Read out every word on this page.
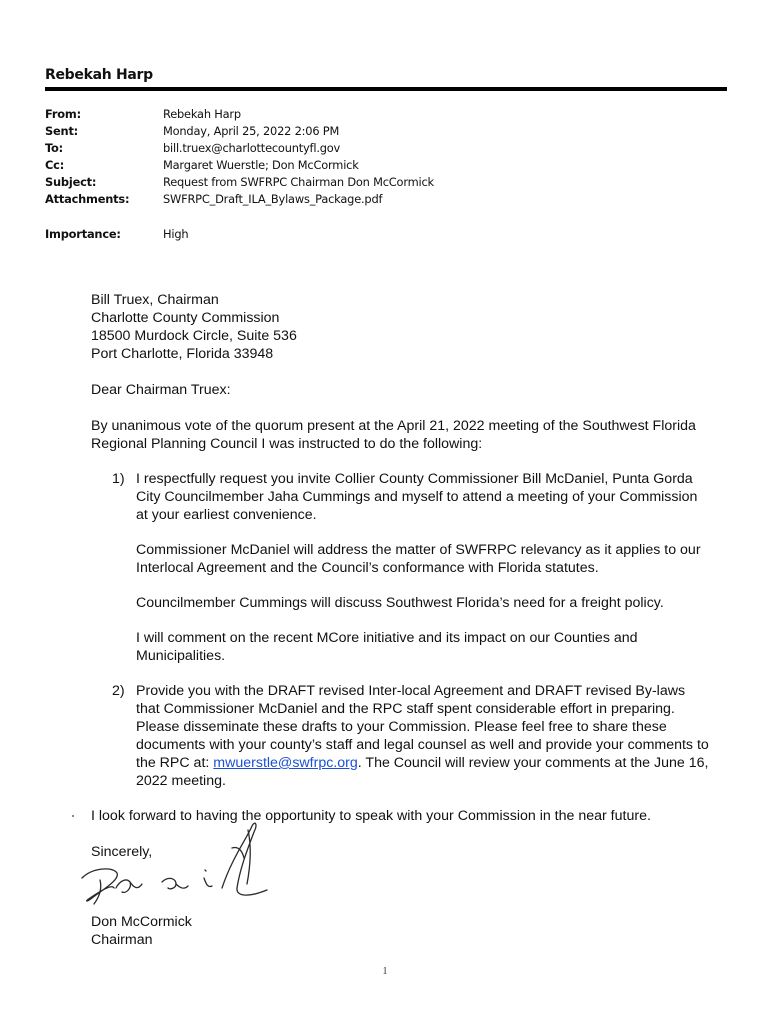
Rebekah Harp

From:	Rebekah Harp
Sent:	Monday, April 25, 2022 2:06 PM
To:	bill.truex@charlottecountyfl.gov
Cc:	Margaret Wuerstle; Don McCormick
Subject:	Request from SWFRPC Chairman Don McCormick
Attachments:	SWFRPC_Draft_ILA_Bylaws_Package.pdf
Importance:	High

Bill Truex, Chairman

Charlotte County Commission

18500 Murdock Circle, Suite 536

Port Charlotte, Florida 33948

Dear Chairman Truex:

By unanimous vote of the quorum present at the April 21, 2022 meeting of the Southwest Florida Regional Planning Council I was instructed to do the following:

1) I respectfully request you invite Collier County Commissioner Bill McDaniel, Punta Gorda City Councilmember Jaha Cummings and myself to attend a meeting of your Commission at your earliest convenience.

Commissioner McDaniel will address the matter of SWFRPC relevancy as it applies to our Interlocal Agreement and the Council’s conformance with Florida statutes.

Councilmember Cummings will discuss Southwest Florida’s need for a freight policy.

I will comment on the recent MCore initiative and its impact on our Counties and Municipalities.

2) Provide you with the DRAFT revised Inter-local Agreement and DRAFT revised By-laws that Commissioner McDaniel and the RPC staff spent considerable effort in preparing. Please disseminate these drafts to your Commission. Please feel free to share these documents with your county’s staff and legal counsel as well and provide your comments to the RPC at: mwuerstle@swfrpc.org. The Council will review your comments at the June 16, 2022 meeting.

I look forward to having the opportunity to speak with your Commission in the near future.

Sincerely,

Don McCormick

Chairman

1
